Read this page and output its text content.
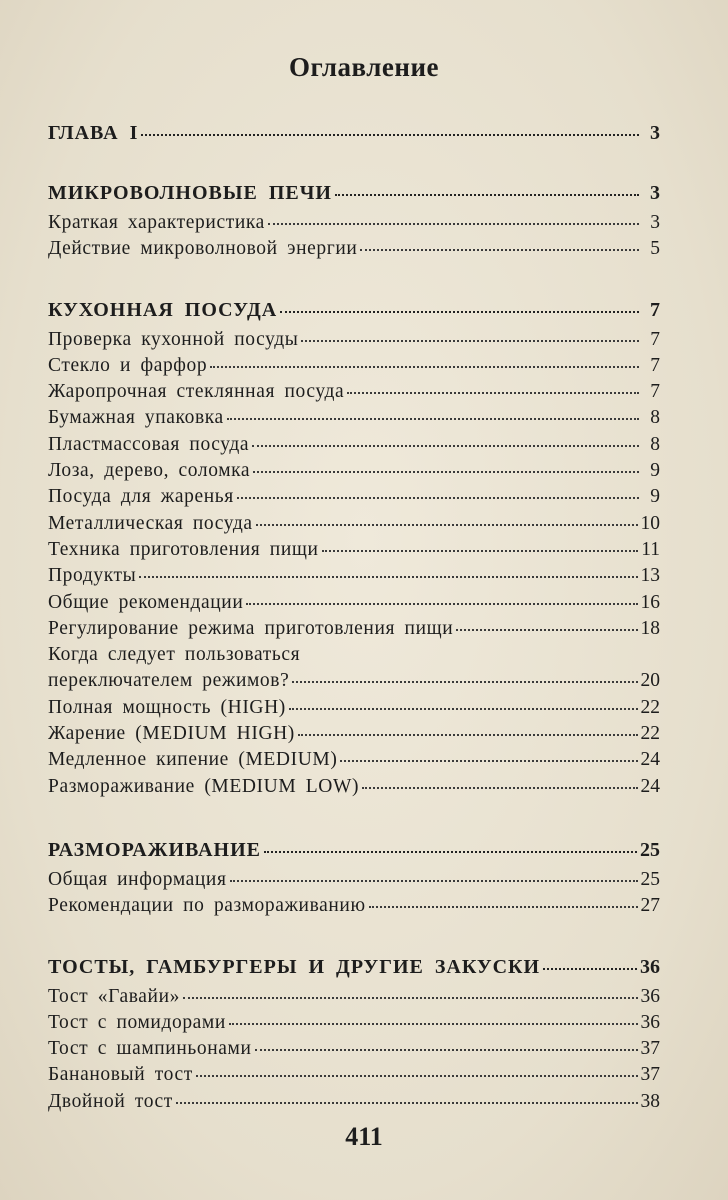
Оглавление
ГЛАВА I	3
МИКРОВОЛНОВЫЕ ПЕЧИ	3
Краткая характеристика	3
Действие микроволновой энергии	5
КУХОННАЯ ПОСУДА	7
Проверка кухонной посуды	7
Стекло и фарфор	7
Жаропрочная стеклянная посуда	7
Бумажная упаковка	8
Пластмассовая посуда	8
Лоза, дерево, соломка	9
Посуда для жаренья	9
Металлическая посуда	10
Техника приготовления пищи	11
Продукты	13
Общие рекомендации	16
Регулирование режима приготовления пищи	18
Когда следует пользоваться
переключателем режимов?	20
Полная мощность (HIGH)	22
Жарение (MEDIUM HIGH)	22
Медленное кипение (MEDIUM)	24
Размораживание (MEDIUM LOW)	24
РАЗМОРАЖИВАНИЕ	25
Общая информация	25
Рекомендации по размораживанию	27
ТОСТЫ, ГАМБУРГЕРЫ И ДРУГИЕ ЗАКУСКИ	36
Тост «Гавайи»	36
Тост с помидорами	36
Тост с шампиньонами	37
Банановый тост	37
Двойной тост	38
411
